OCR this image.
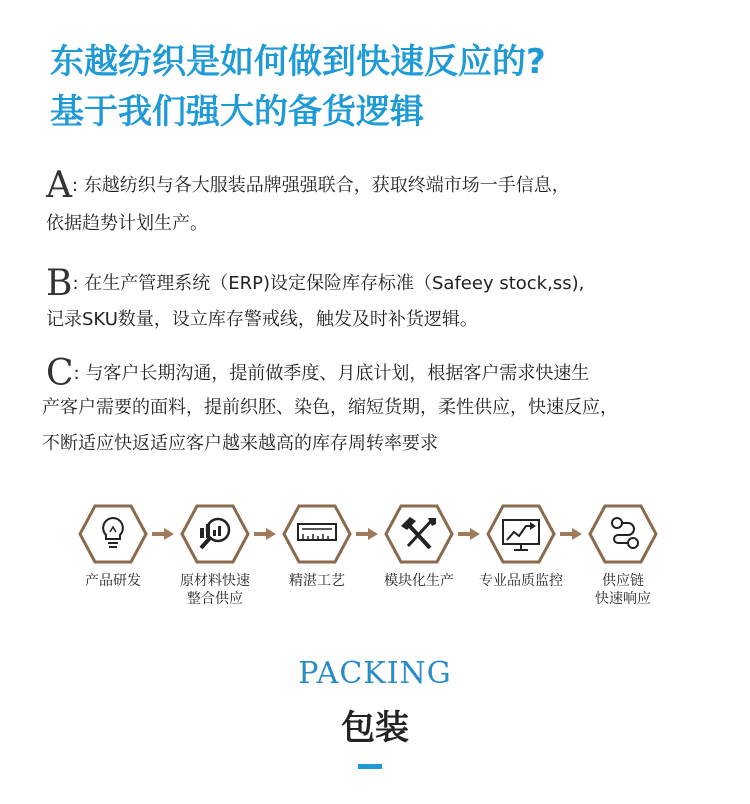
东越纺织是如何做到快速反应的?
基于我们强大的备货逻辑
A: 东越纺织与各大服装品牌强强联合，获取终端市场一手信息，
依据趋势计划生产。
B: 在生产管理系统（ERP)设定保险库存标准（Safeey stock,ss),
记录SKU数量，设立库存警戒线，触发及时补货逻辑。
C: 与客户长期沟通，提前做季度、月底计划，根据客户需求快速生
产客户需要的面料，提前织胚、染色，缩短货期，柔性供应，快速反应，
不断适应快返适应客户越来越高的库存周转率要求
产品研发	原材料快速
整合供应
精湛工艺	模块化生产	专业品质监控	供应链
快速响应
PACKING
包装
